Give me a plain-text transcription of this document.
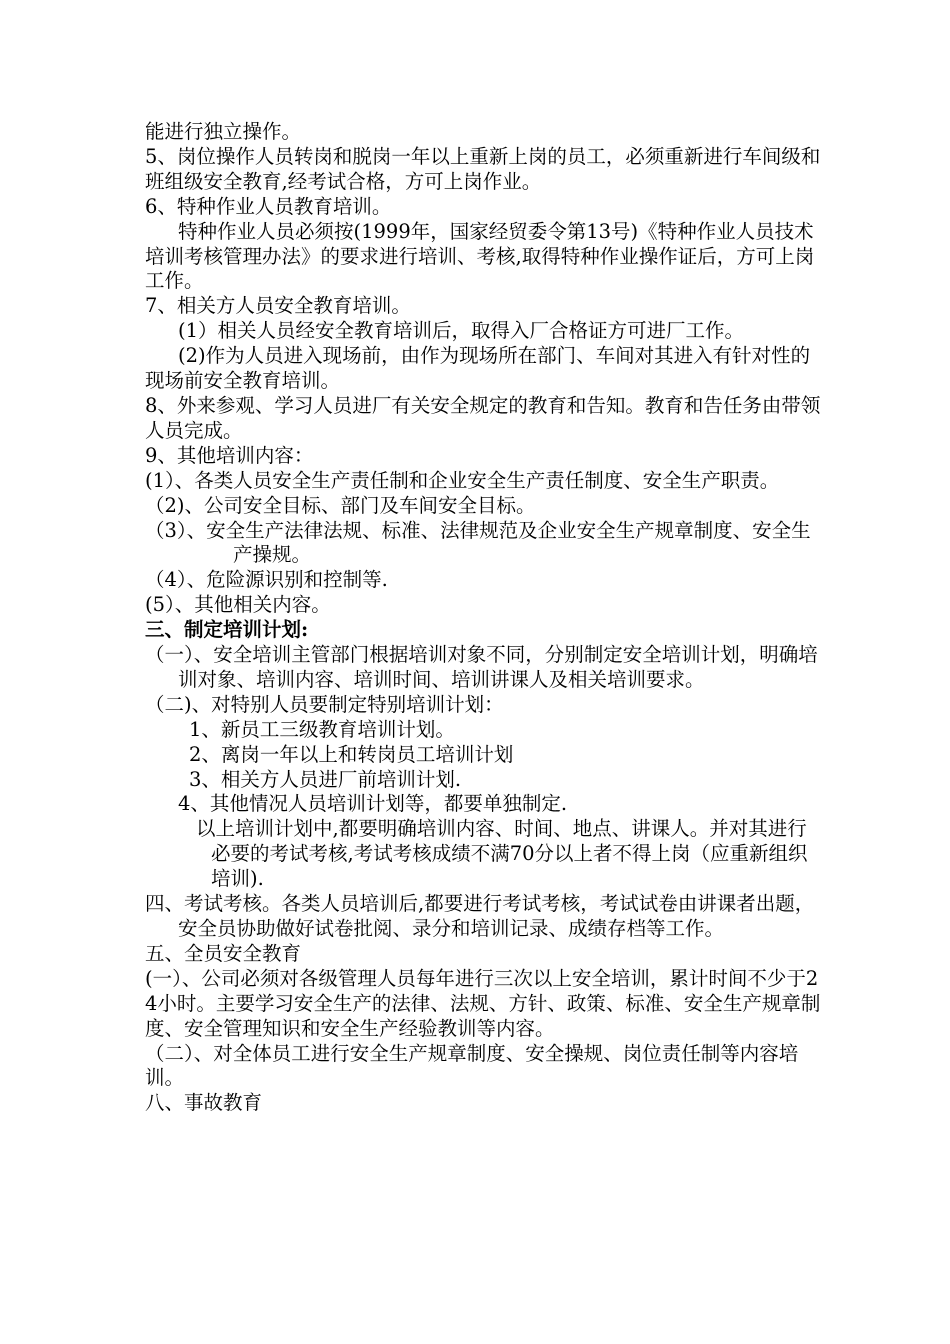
能进行独立操作。

5、岗位操作人员转岗和脱岗一年以上重新上岗的员工，必须重新进行车间级和班组级安全教育,经考试合格，方可上岗作业。

6、特种作业人员教育培训。

特种作业人员必须按(1999年，国家经贸委令第13号)《特种作业人员技术培训考核管理办法》的要求进行培训、考核,取得特种作业操作证后，方可上岗工作。

7、相关方人员安全教育培训。

(1）相关人员经安全教育培训后，取得入厂合格证方可进厂工作。

(2)作为人员进入现场前，由作为现场所在部门、车间对其进入有针对性的现场前安全教育培训。

8、外来参观、学习人员进厂有关安全规定的教育和告知。教育和告任务由带领人员完成。

9、其他培训内容：

(1）、各类人员安全生产责任制和企业安全生产责任制度、安全生产职责。

（2)、公司安全目标、部门及车间安全目标。

（3）、安全生产法律法规、标准、法律规范及企业安全生产规章制度、安全生产操规。

（4）、危险源识别和控制等.

(5）、其他相关内容。

三、制定培训计划:

（一）、安全培训主管部门根据培训对象不同，分别制定安全培训计划，明确培训对象、培训内容、培训时间、培训讲课人及相关培训要求。

（二)、对特别人员要制定特别培训计划：

1、新员工三级教育培训计划。

2、离岗一年以上和转岗员工培训计划

3、相关方人员进厂前培训计划.

4、其他情况人员培训计划等，都要单独制定.

以上培训计划中,都要明确培训内容、时间、地点、讲课人。并对其进行必要的考试考核,考试考核成绩不满70分以上者不得上岗（应重新组织培训).

四、考试考核。各类人员培训后,都要进行考试考核，考试试卷由讲课者出题，安全员协助做好试卷批阅、录分和培训记录、成绩存档等工作。

五、全员安全教育

(一）、公司必须对各级管理人员每年进行三次以上安全培训，累计时间不少于24小时。主要学习安全生产的法律、法规、方针、政策、标准、安全生产规章制度、安全管理知识和安全生产经验教训等内容。

（二）、对全体员工进行安全生产规章制度、安全操规、岗位责任制等内容培训。

八、事故教育
